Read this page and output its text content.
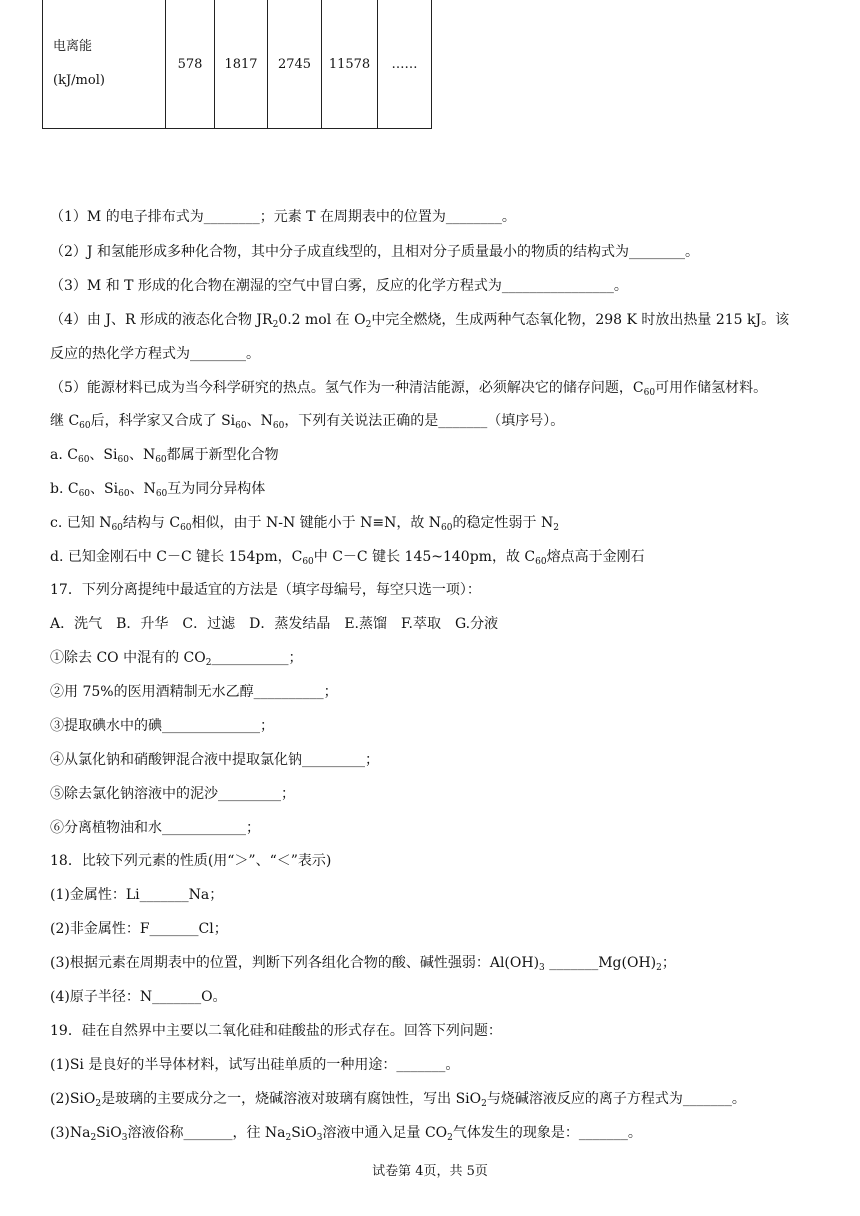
电离能
(kJ/mol)	578	1817	2745	11578	……
（1）M 的电子排布式为________；元素 T 在周期表中的位置为________。
（2）J 和氢能形成多种化合物，其中分子成直线型的，且相对分子质量最小的物质的结构式为________。
（3）M 和 T 形成的化合物在潮湿的空气中冒白雾，反应的化学方程式为________________。
（4）由 J、R 形成的液态化合物 $JR_20.2$ mol 在 $O_2$中完全燃烧，生成两种气态氧化物，298 K 时放出热量 215 kJ。该
反应的热化学方程式为________。
（5）能源材料已成为当今科学研究的热点。氢气作为一种清洁能源，必须解决它的储存问题，$C_{60}$可用作储氢材料。
继 $C_{60}$后，科学家又合成了 $Si_{60}$、$N_{60}$，下列有关说法正确的是_______（填序号）。
a. $C_{60}$、$Si_{60}$、$N_{60}$都属于新型化合物
b. $C_{60}$、$Si_{60}$、$N_{60}$互为同分异构体
c. 已知 $N_{60}$结构与 $C_{60}$相似，由于 N-N 键能小于 N≡N，故 $N_{60}$的稳定性弱于 $N_2$
d. 已知金刚石中 C－C 键长 154pm，$C_{60}$中 C－C 键长 145~140pm，故 $C_{60}$熔点高于金刚石
17．下列分离提纯中最适宜的方法是（填字母编号，每空只选一项）：
A．洗气　B．升华　C．过滤　D．蒸发结晶　E.蒸馏　F.萃取　G.分液
①除去 CO 中混有的 $CO_2\_\_\_\_\_\_\_\_\_\_\_$；
②用 75%的医用酒精制无水乙醇__________；
③提取碘水中的碘______________；
④从氯化钠和硝酸钾混合液中提取氯化钠_________；
⑤除去氯化钠溶液中的泥沙_________；
⑥分离植物油和水____________；
18．比较下列元素的性质(用“＞”、“＜”表示)
(1)金属性：Li_______Na；
(2)非金属性：F_______Cl；
(3)根据元素在周期表中的位置，判断下列各组化合物的酸、碱性强弱：$Al(OH)_3$ $\_\_\_\_\_\_\_Mg(OH)_2$；
(4)原子半径：N_______O。
19．硅在自然界中主要以二氧化硅和硅酸盐的形式存在。回答下列问题：
(1)Si 是良好的半导体材料，试写出硅单质的一种用途：_______。
(2)SiO$_2$是玻璃的主要成分之一，烧碱溶液对玻璃有腐蚀性，写出 SiO$_2$与烧碱溶液反应的离子方程式为_______。
$(3)Na_2SiO_3$溶液俗称_______，往 $Na_2SiO_3$溶液中通入足量 $CO_2$气体发生的现象是：_______。
试卷第 4页，共 5页
